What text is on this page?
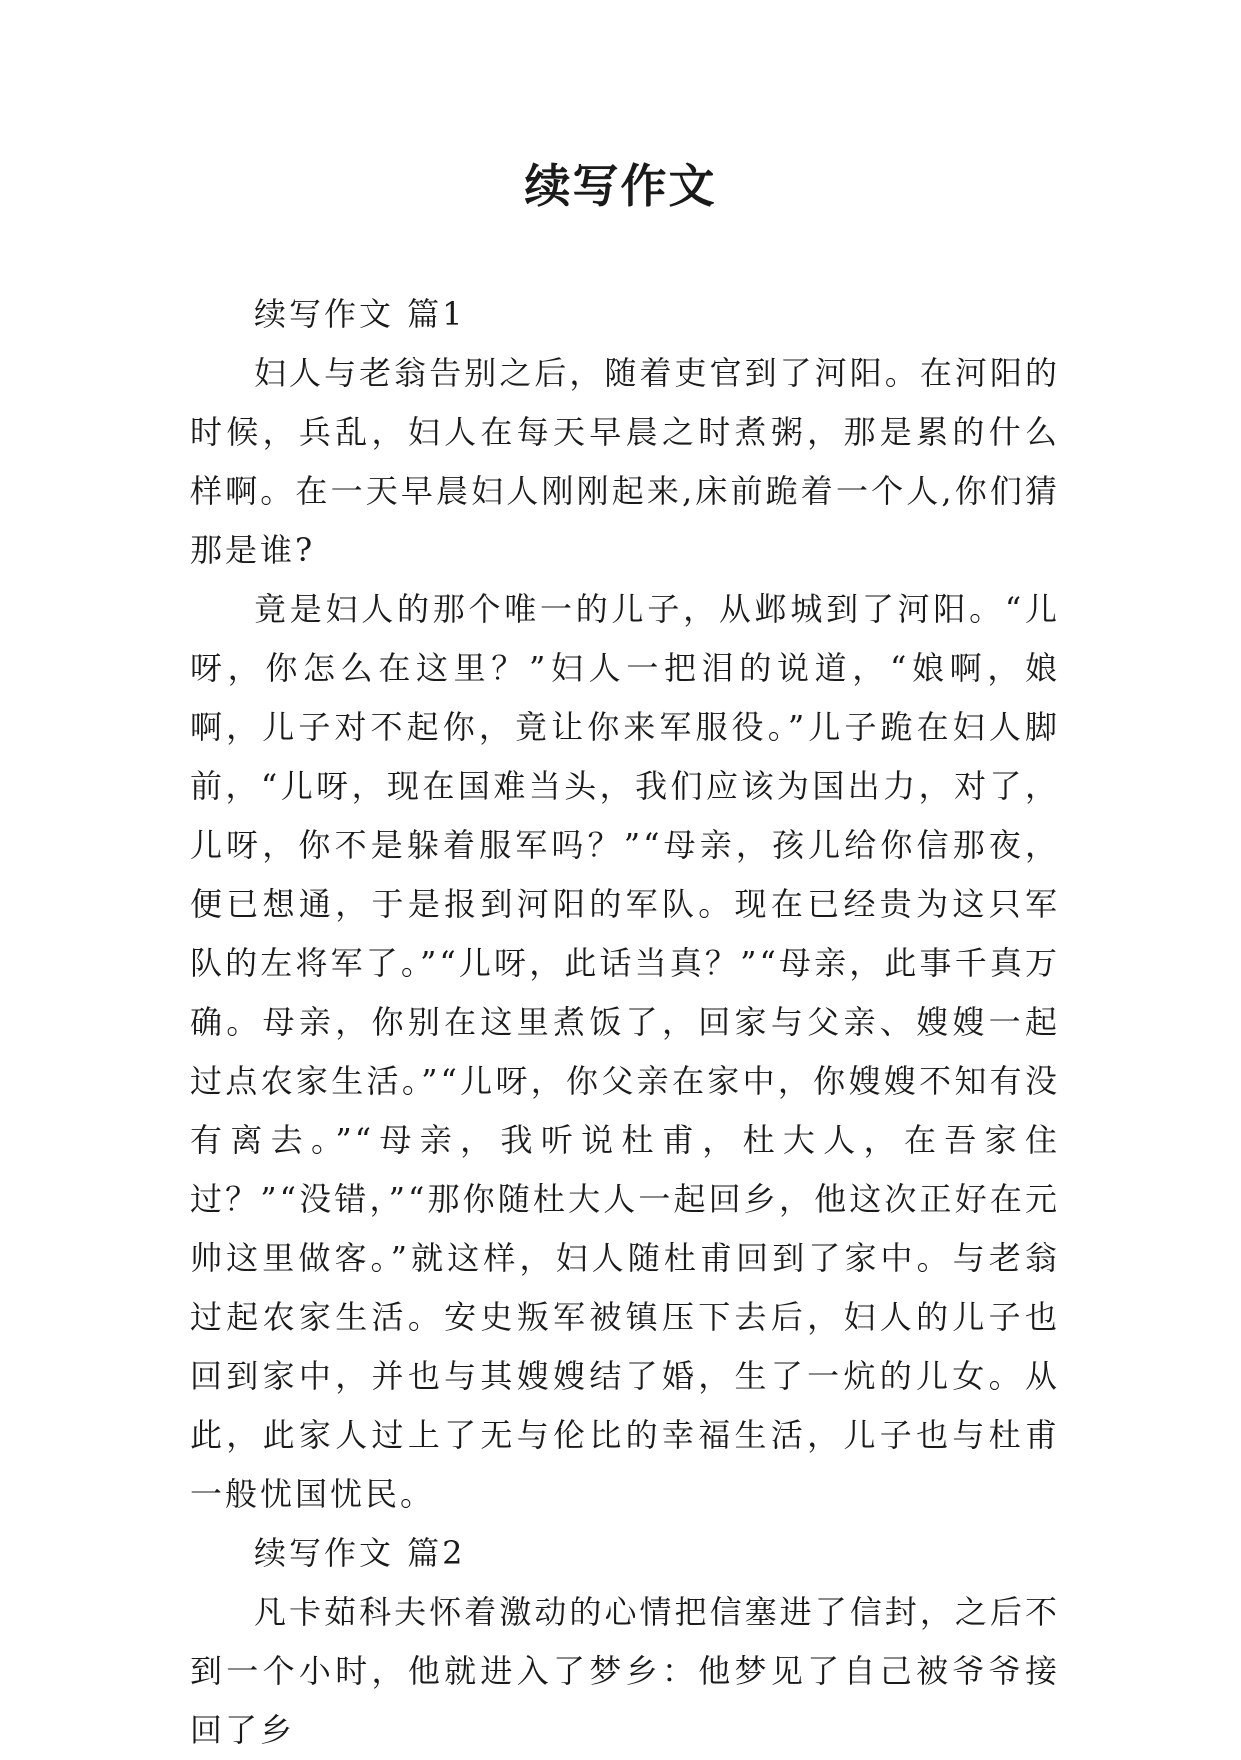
续写作文

续写作文 篇1

妇人与老翁告别之后，随着吏官到了河阳。在河阳的时候，兵乱，妇人在每天早晨之时煮粥，那是累的什么样啊。在一天早晨妇人刚刚起来,床前跪着一个人,你们猜那是谁?

竟是妇人的那个唯一的儿子，从邺城到了河阳。“儿呀，你怎么在这里？”妇人一把泪的说道，“娘啊，娘啊，儿子对不起你，竟让你来军服役。”儿子跪在妇人脚前，“儿呀，现在国难当头，我们应该为国出力，对了，儿呀，你不是躲着服军吗？”“母亲，孩儿给你信那夜，便已想通，于是报到河阳的军队。现在已经贵为这只军队的左将军了。”“儿呀，此话当真？”“母亲，此事千真万确。母亲，你别在这里煮饭了，回家与父亲、嫂嫂一起过点农家生活。”“儿呀，你父亲在家中，你嫂嫂不知有没有离去。”“母亲，我听说杜甫，杜大人，在吾家住过？”“没错，”“那你随杜大人一起回乡，他这次正好在元帅这里做客。”就这样，妇人随杜甫回到了家中。与老翁过起农家生活。安史叛军被镇压下去后，妇人的儿子也回到家中，并也与其嫂嫂结了婚，生了一炕的儿女。从此，此家人过上了无与伦比的幸福生活，儿子也与杜甫一般忧国忧民。

续写作文 篇2

凡卡茹科夫怀着激动的心情把信塞进了信封，之后不到一个小时，他就进入了梦乡：他梦见了自己被爷爷接回了乡
